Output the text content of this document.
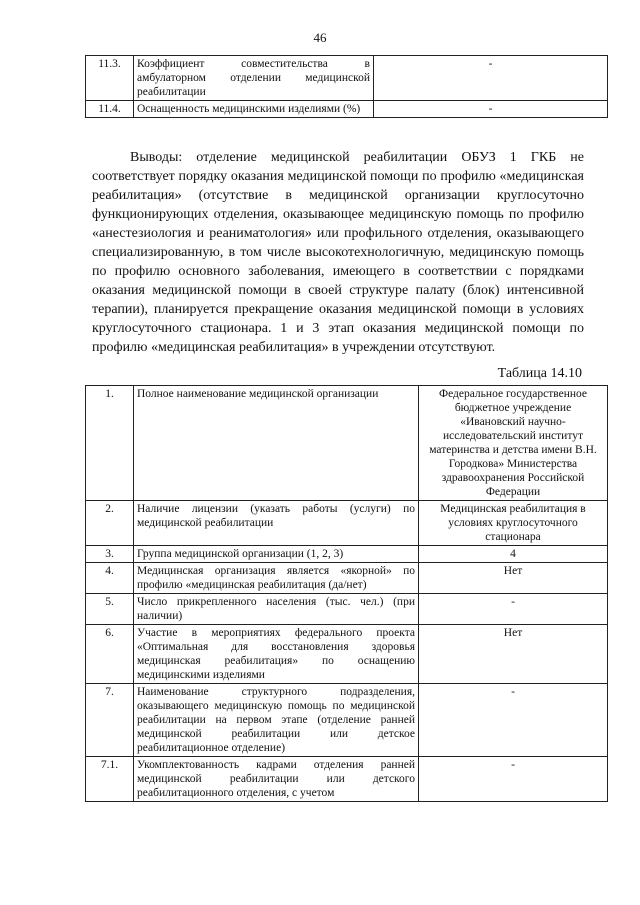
46
11.3.	Коэффициент совместительства в амбулаторном отделении медицинской реабилитации	-
11.4.	Оснащенность медицинскими изделиями (%)	-

Выводы: отделение медицинской реабилитации ОБУЗ 1 ГКБ не соответствует порядку оказания медицинской помощи по профилю «медицинская реабилитация» (отсутствие в медицинской организации круглосуточно функционирующих отделения, оказывающее медицинскую помощь по профилю «анестезиология и реаниматология» или профильного отделения, оказывающего специализированную, в том числе высокотехнологичную, медицинскую помощь по профилю основного заболевания, имеющего в соответствии с порядками оказания медицинской помощи в своей структуре палату (блок) интенсивной терапии), планируется прекращение оказания медицинской помощи в условиях круглосуточного стационара. 1 и 3 этап оказания медицинской помощи по профилю «медицинская реабилитация» в учреждении отсутствуют.

Таблица 14.10
1.	Полное наименование медицинской организации	Федеральное государственное бюджетное учреждение «Ивановский научно-исследовательский институт материнства и детства имени В.Н. Городкова» Министерства здравоохранения Российской Федерации
2.	Наличие лицензии (указать работы (услуги) по медицинской реабилитации	Медицинская реабилитация в условиях круглосуточного стационара
3.	Группа медицинской организации (1, 2, 3)	4
4.	Медицинская организация является «якорной» по профилю «медицинская реабилитация (да/нет)	Нет
5.	Число прикрепленного населения (тыс. чел.) (при наличии)	-
6.	Участие в мероприятиях федерального проекта «Оптимальная для восстановления здоровья медицинская реабилитация» по оснащению медицинскими изделиями	Нет
7.	Наименование структурного подразделения, оказывающего медицинскую помощь по медицинской реабилитации на первом этапе (отделение ранней медицинской реабилитации или детское реабилитационное отделение)	-
7.1.	Укомплектованность кадрами отделения ранней медицинской реабилитации или детского реабилитационного отделения, с учетом	-
